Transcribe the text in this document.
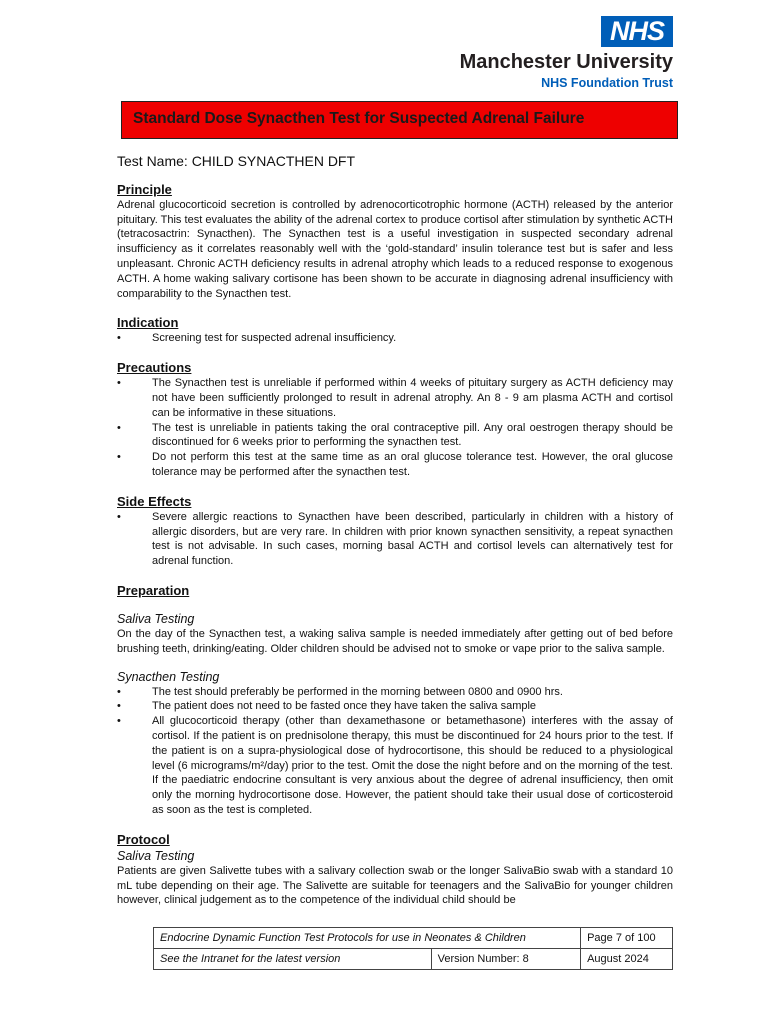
NHS
Manchester University
NHS Foundation Trust
Standard Dose Synacthen Test for Suspected Adrenal Failure
Test Name: CHILD SYNACTHEN DFT
Principle

Adrenal glucocorticoid secretion is controlled by adrenocorticotrophic hormone (ACTH) released by the anterior pituitary. This test evaluates the ability of the adrenal cortex to produce cortisol after stimulation by synthetic ACTH (tetracosactrin: Synacthen). The Synacthen test is a useful investigation in suspected secondary adrenal insufficiency as it correlates reasonably well with the ‘gold-standard’ insulin tolerance test but is safer and less unpleasant. Chronic ACTH deficiency results in adrenal atrophy which leads to a reduced response to exogenous ACTH. A home waking salivary cortisone has been shown to be accurate in diagnosing adrenal insufficiency with comparability to the Synacthen test.

Indication
•	Screening test for suspected adrenal insufficiency.
Precautions
•	The Synacthen test is unreliable if performed within 4 weeks of pituitary surgery as ACTH deficiency may not have been sufficiently prolonged to result in adrenal atrophy. An 8 - 9 am plasma ACTH and cortisol can be informative in these situations.
•	The test is unreliable in patients taking the oral contraceptive pill. Any oral oestrogen therapy should be discontinued for 6 weeks prior to performing the synacthen test.
•	Do not perform this test at the same time as an oral glucose tolerance test. However, the oral glucose tolerance may be performed after the synacthen test.
Side Effects
•	Severe allergic reactions to Synacthen have been described, particularly in children with a history of allergic disorders, but are very rare. In children with prior known synacthen sensitivity, a repeat synacthen test is not advisable. In such cases, morning basal ACTH and cortisol levels can alternatively test for adrenal function.
Preparation
Saliva Testing

On the day of the Synacthen test, a waking saliva sample is needed immediately after getting out of bed before brushing teeth, drinking/eating. Older children should be advised not to smoke or vape prior to the saliva sample.

Synacthen Testing
•	The test should preferably be performed in the morning between 0800 and 0900 hrs.
•	The patient does not need to be fasted once they have taken the saliva sample
•	All glucocorticoid therapy (other than dexamethasone or betamethasone) interferes with the assay of cortisol. If the patient is on prednisolone therapy, this must be discontinued for 24 hours prior to the test. If the patient is on a supra-physiological dose of hydrocortisone, this should be reduced to a physiological level (6 micrograms/m²/day) prior to the test. Omit the dose the night before and on the morning of the test. If the paediatric endocrine consultant is very anxious about the degree of adrenal insufficiency, then omit only the morning hydrocortisone dose. However, the patient should take their usual dose of corticosteroid as soon as the test is completed.
Protocol
Saliva Testing

Patients are given Salivette tubes with a salivary collection swab or the longer SalivaBio swab with a standard 10 mL tube depending on their age. The Salivette are suitable for teenagers and the SalivaBio for younger children however, clinical judgement as to the competence of the individual child should be

Endocrine Dynamic Function Test Protocols for use in Neonates & Children		Page 7 of 100
See the Intranet for the latest version	Version Number: 8	August 2024
